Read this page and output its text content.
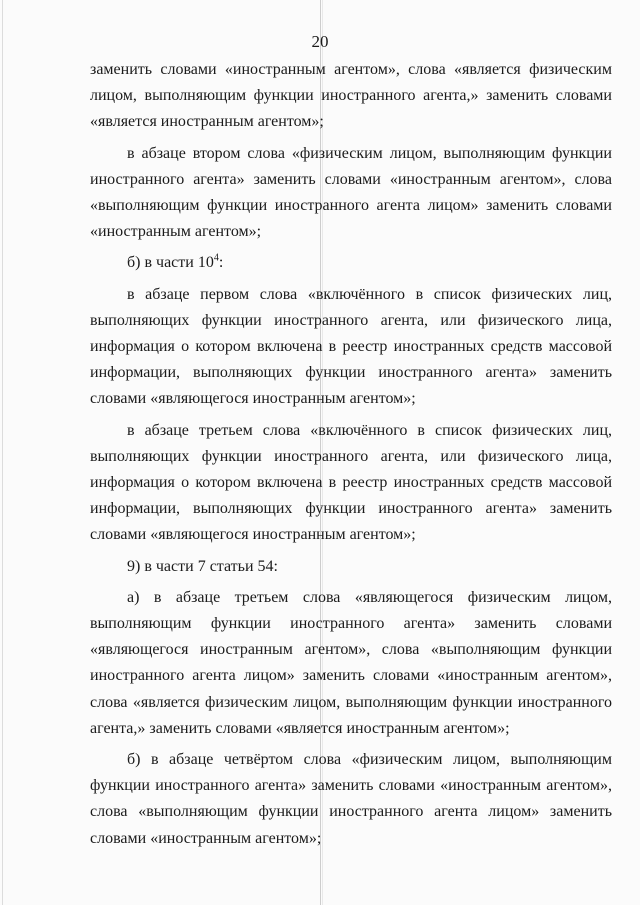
20

заменить словами «иностранным агентом», слова «является физическим лицом, выполняющим функции иностранного агента,» заменить словами «является иностранным агентом»;

в абзаце втором слова «физическим лицом, выполняющим функции иностранного агента» заменить словами «иностранным агентом», слова «выполняющим функции иностранного агента лицом» заменить словами «иностранным агентом»;

б) в части $10^4$:

в абзаце первом слова «включённого в список физических лиц, выполняющих функции иностранного агента, или физического лица, информация о котором включена в реестр иностранных средств массовой информации, выполняющих функции иностранного агента» заменить словами «являющегося иностранным агентом»;

в абзаце третьем слова «включённого в список физических лиц, выполняющих функции иностранного агента, или физического лица, информация о котором включена в реестр иностранных средств массовой информации, выполняющих функции иностранного агента» заменить словами «являющегося иностранным агентом»;

9) в части 7 статьи 54:

а) в абзаце третьем слова «являющегося физическим лицом, выполняющим функции иностранного агента» заменить словами «являющегося иностранным агентом», слова «выполняющим функции иностранного агента лицом» заменить словами «иностранным агентом», слова «является физическим лицом, выполняющим функции иностранного агента,» заменить словами «является иностранным агентом»;

б) в абзаце четвёртом слова «физическим лицом, выполняющим функции иностранного агента» заменить словами «иностранным агентом», слова «выполняющим функции иностранного агента лицом» заменить словами «иностранным агентом»;
